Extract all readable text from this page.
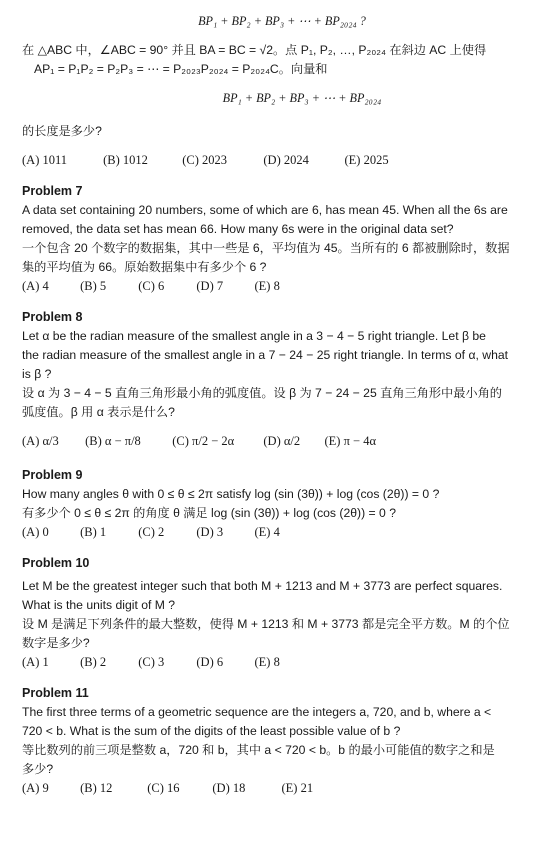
BP₁ + BP₂ + BP₃ + ⋯ + BP₂₀₂₄ ?
在 △ABC 中，∠ABC = 90° 并且 BA = BC = √2。点 P₁, P₂, …, P₂₀₂₄ 在斜边 AC 上使得
AP₁ = P₁P₂ = P₂P₃ = ⋯ = P₂₀₂₃P₂₀₂₄ = P₂₀₂₄C。向量和
BP₁ + BP₂ + BP₃ + ⋯ + BP₂₀₂₄
的长度是多少?
(A) 1011	(B) 1012	(C) 2023	(D) 2024	(E) 2025
Problem 7
A data set containing 20 numbers, some of which are 6, has mean 45. When all the 6s are
removed, the data set has mean 66. How many 6s were in the original data set?
一个包含 20 个数字的数据集，其中一些是 6，平均值为 45。当所有的 6 都被删除时，数据
集的平均值为 66。原始数据集中有多少个 6 ?
(A) 4	(B) 5	(C) 6	(D) 7	(E) 8
Problem 8
Let α be the radian measure of the smallest angle in a 3 − 4 − 5 right triangle. Let β be
the radian measure of the smallest angle in a 7 − 24 − 25 right triangle. In terms of α, what
is β ?
设 α 为 3 − 4 − 5 直角三角形最小角的弧度值。设 β 为 7 − 24 − 25 直角三角形中最小角的
弧度值。β 用 α 表示是什么?
(A) α/3 (B) α − π/8	(C) π/2 − 2α (D) α/2 (E) π − 4α
Problem 9
How many angles θ with 0 ≤ θ ≤ 2π satisfy log (sin (3θ)) + log (cos (2θ)) = 0 ?
有多少个 0 ≤ θ ≤ 2π 的角度 θ 满足 log (sin (3θ)) + log (cos (2θ)) = 0 ?
(A) 0	(B) 1	(C) 2	(D) 3	(E) 4
Problem 10
Let M be the greatest integer such that both M + 1213 and M + 3773 are perfect squares.
What is the units digit of M ?
设 M 是满足下列条件的最大整数，使得 M + 1213 和 M + 3773 都是完全平方数。M 的个位
数字是多少?
(A) 1	(B) 2	(C) 3	(D) 6	(E) 8
Problem 11
The first three terms of a geometric sequence are the integers a, 720, and b, where a <
720 < b. What is the sum of the digits of the least possible value of b ?
等比数列的前三项是整数 a，720 和 b，其中 a < 720 < b。b 的最小可能值的数字之和是
多少?
(A) 9	(B) 12	(C) 16	(D) 18	(E) 21
